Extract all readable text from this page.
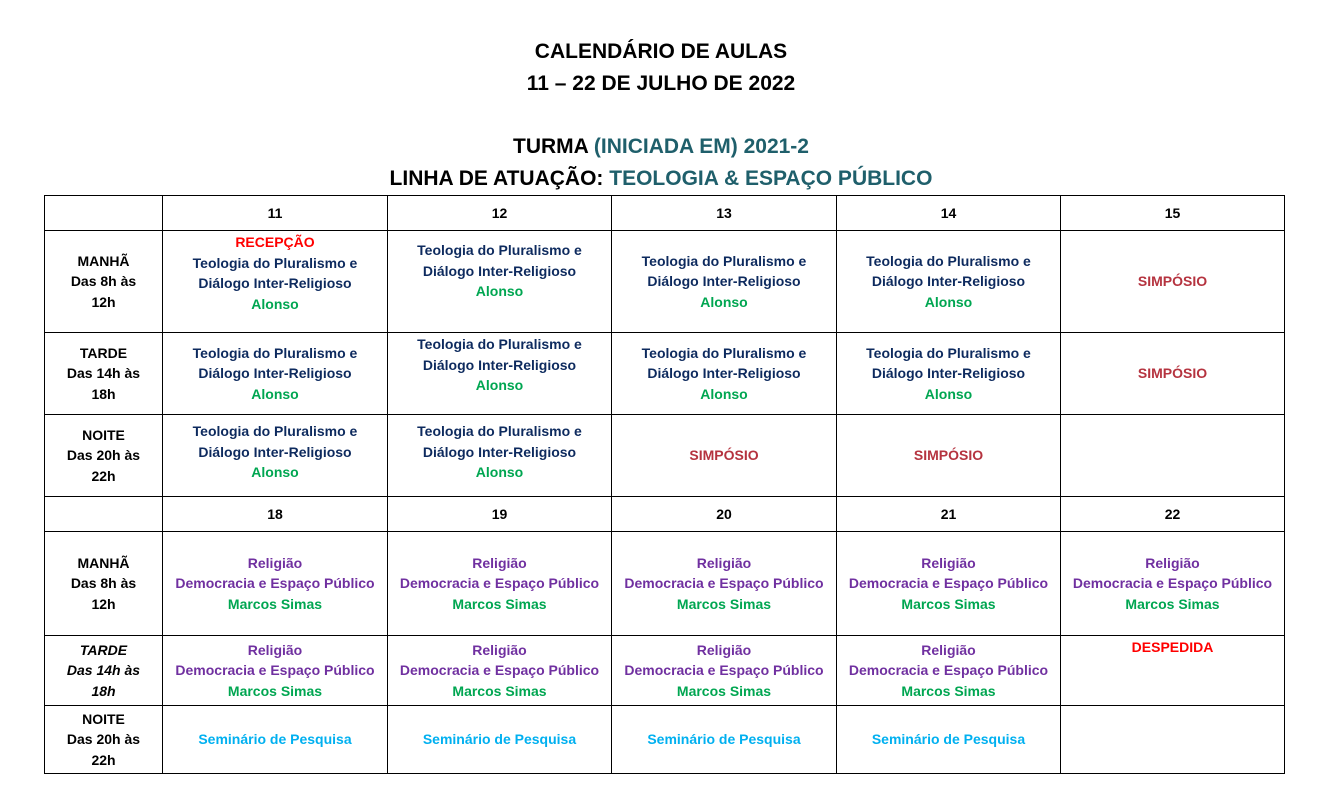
CALENDÁRIO DE AULAS
11 – 22 DE JULHO DE 2022
TURMA (INICIADA EM) 2021-2
LINHA DE ATUAÇÃO: TEOLOGIA & ESPAÇO PÚBLICO
	11	12	13	14	15

MANHÃ
Das 8h às
12h	RECEPÇÃO
Teologia do Pluralismo e
Diálogo Inter-Religioso
Alonso	Teologia do Pluralismo e
Diálogo Inter-Religioso
Alonso	Teologia do Pluralismo e
Diálogo Inter-Religioso
Alonso	Teologia do Pluralismo e
Diálogo Inter-Religioso
Alonso	SIMPÓSIO

TARDE
Das 14h às
18h	Teologia do Pluralismo e
Diálogo Inter-Religioso
Alonso	Teologia do Pluralismo e
Diálogo Inter-Religioso
Alonso	Teologia do Pluralismo e
Diálogo Inter-Religioso
Alonso	Teologia do Pluralismo e
Diálogo Inter-Religioso
Alonso	SIMPÓSIO

NOITE
Das 20h às
22h	Teologia do Pluralismo e
Diálogo Inter-Religioso
Alonso	Teologia do Pluralismo e
Diálogo Inter-Religioso
Alonso	SIMPÓSIO	SIMPÓSIO	
	18	19	20	21	22

MANHÃ
Das 8h às
12h	Religião
Democracia e Espaço Público
Marcos Simas	Religião
Democracia e Espaço Público
Marcos Simas	Religião
Democracia e Espaço Público
Marcos Simas	Religião
Democracia e Espaço Público
Marcos Simas	Religião
Democracia e Espaço Público
Marcos Simas

TARDE
Das 14h às
18h	Religião
Democracia e Espaço Público
Marcos Simas	Religião
Democracia e Espaço Público
Marcos Simas	Religião
Democracia e Espaço Público
Marcos Simas	Religião
Democracia e Espaço Público
Marcos Simas	DESPEDIDA

NOITE
Das 20h às
22h	Seminário de Pesquisa	Seminário de Pesquisa	Seminário de Pesquisa	Seminário de Pesquisa	
